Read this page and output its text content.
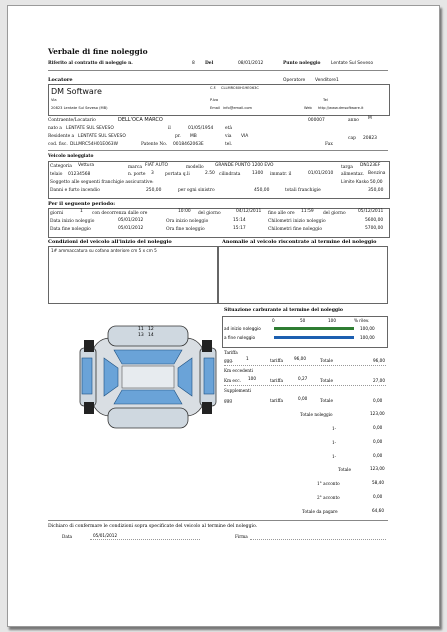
Verbale di fine noleggio
Riferito al contratto di noleggio n.	8 Del	08/01/2012	Punto noleggio Lentate Sul Seveso
Locatore	Operatore Venditore1
DM Software	C.F. CLLMRC60H19E063C
Via	P.Iva	Tel
20823 Lentate Sul Seveso (MB)	Email info@email.com	Web http://www.dmsoftware.it
Contraente/Locatario	DELL'OCA MARCO	000007	anno M
nato a LENTATE SUL SEVESO	il	01/05/1954	età
Residente a LENTATE SUL SEVESO	pr. MB	via VIA	cap 20823
cod. fisc. DLLMRC54H01E063W	Patente No. 0018462063E	tel.	Fax
Veicolo noleggiato
Categoria Vettura	marca FIAT AUTO	modello	GRANDE PUNTO 1200 EVO	targa DN123EF
telaio 01234568	n. porte 3	portata q.li	2.50 cilindrata	1300 immatr. il	01/01/2010 alimentaz. Benzina
Soggetto alle seguenti franchigie assicurative:	Limite Kasko 50,00
Danni e furto incendio	250,00	per ogni sinistro	450,00	totali franchigie	350,00
Per il seguente periodo:
giorni	1 con decorrenza dalle ore	10:00 del giorno	04/12/2011 fino alle ore 11:59 del giorno	05/12/2011
Data inizio noleggio	05/01/2012	Ora inizio noleggio	15:14	Chilometri inizio noleggio	5600,00
Data fine noleggio	05/01/2012	Ora fine noleggio	15:17	Chilometri fine noleggio	5700,00
Condizioni del veicolo all'inizio del noleggio	Anomalie al veicolo riscontrate al termine del noleggio
1# ammaccatura su cofano anteriore cm 5 x cm 5
11 12
13 14
Situazione carburante al termine del noleggio
0	50	100	% rilev.
ad inizio noleggio	100,00
a fine noleggio	100,00
Tariffa
ggg.	1	tariffa	96,00	Totale	96,00
Km eccedenti
Km ecc. 100	tariffa	0,27	Totale	27,00
Supplementi
ggg	tariffa	0,00	Totale	0,00
Totale noleggio	123,00
1-	0,00
1-	0,00
1-	0,00
Totale	123,00
1° acconto	58,40
2° acconto	0,00
Totale da pagare	64,60
Dichiaro di confermare le condizioni sopra specificate del veicolo al termine del noleggio.
Data	05/01/2012	Firma
